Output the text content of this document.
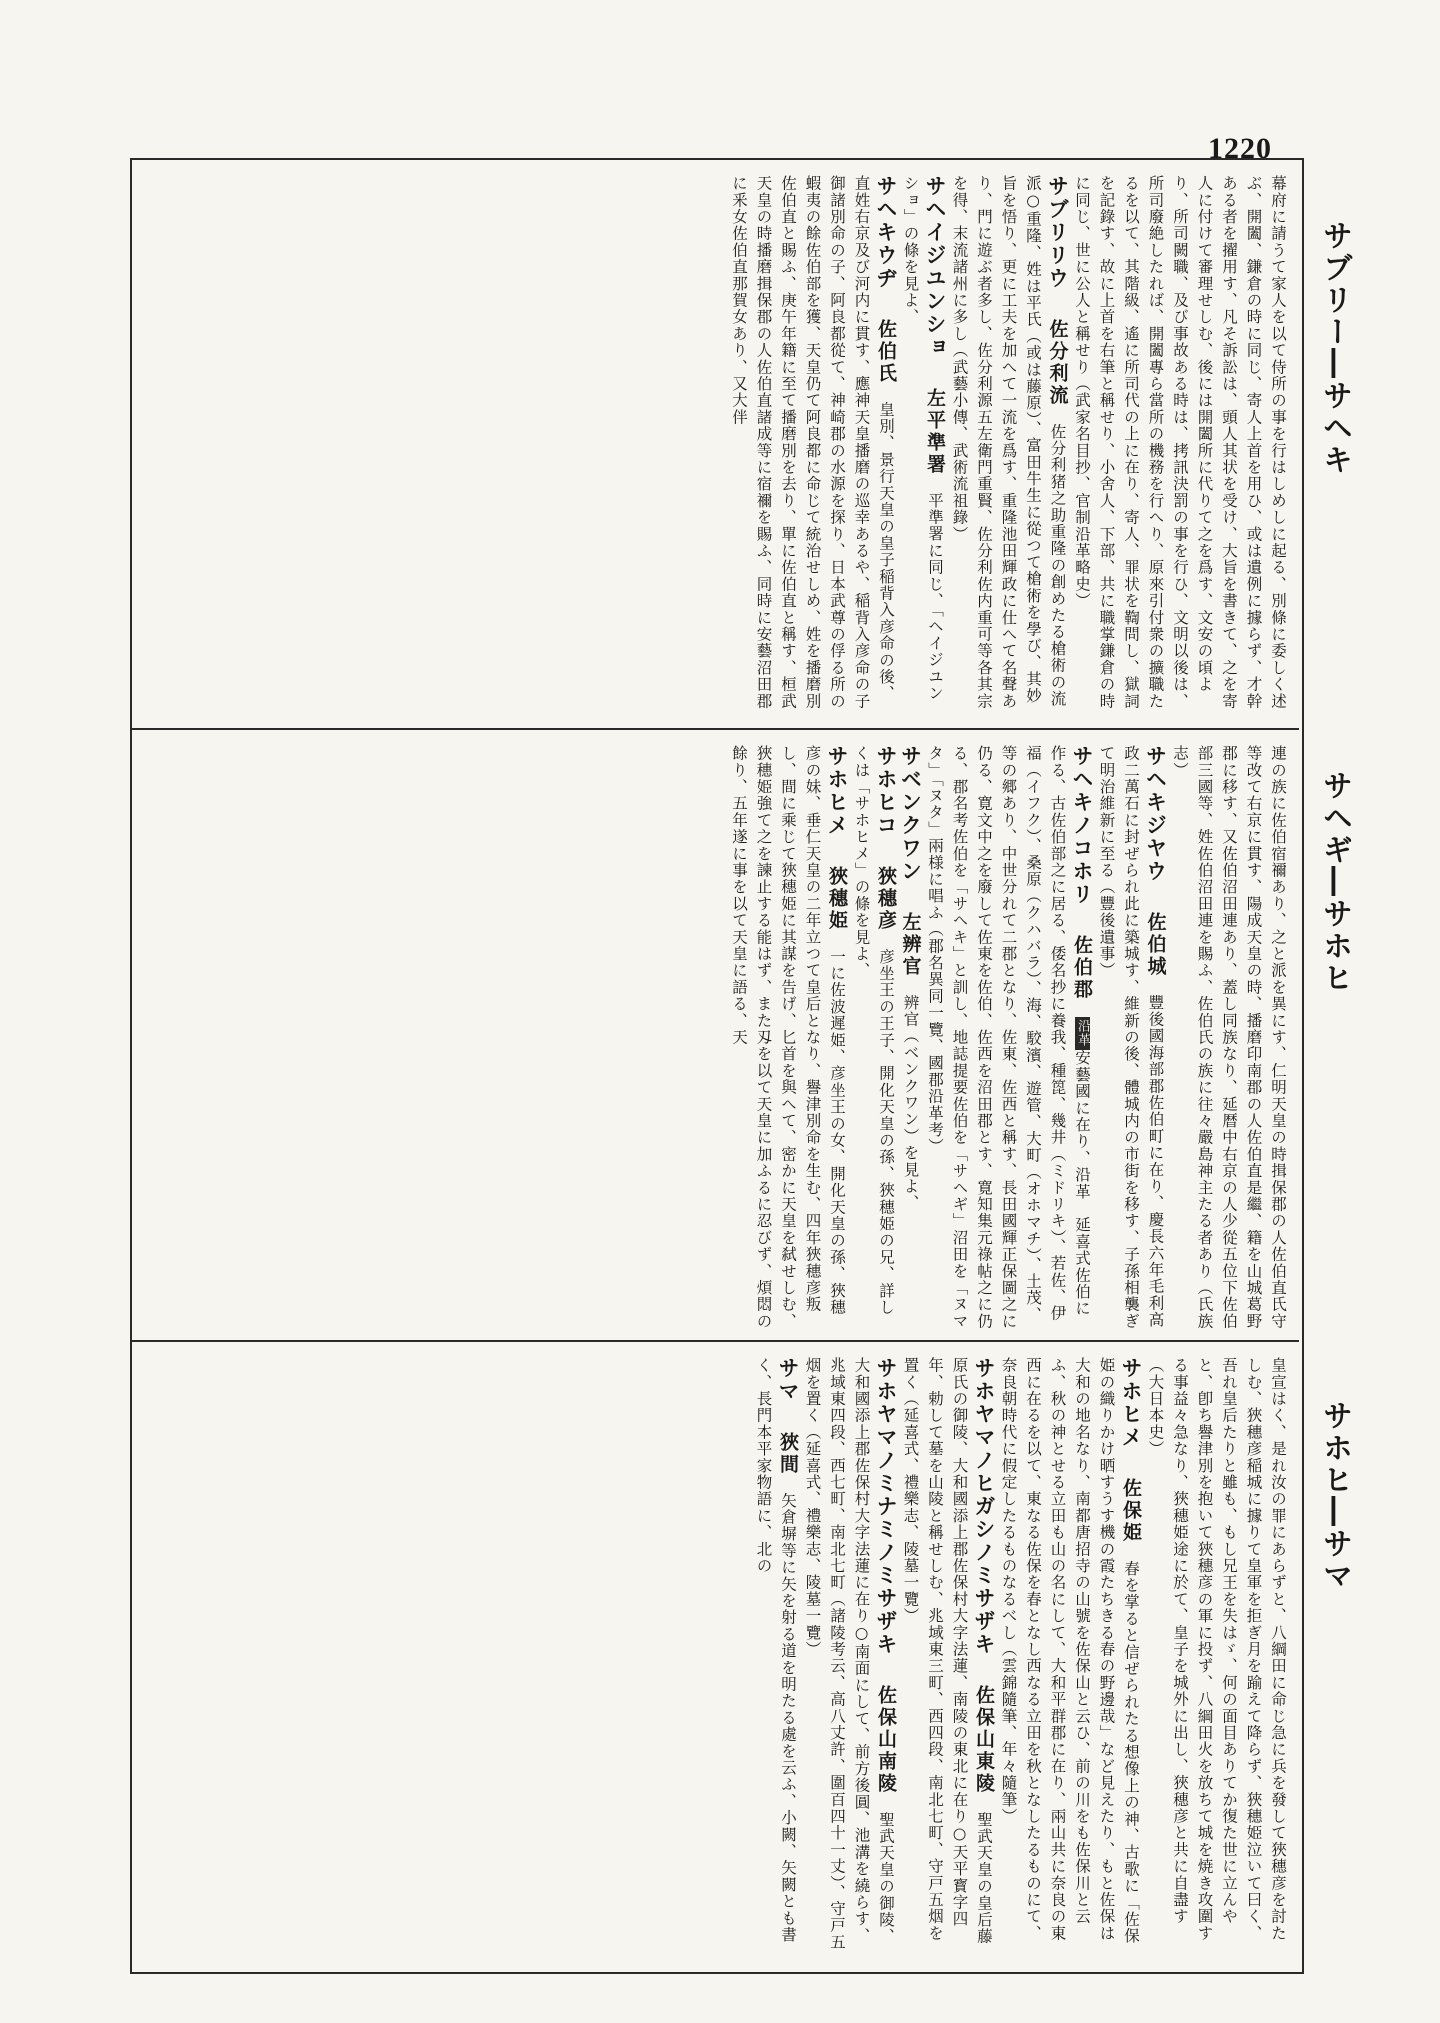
1220
サブリー―サヘキ
サヘギ―サホヒ
サホヒ―サマ
幕府に請うて家人を以て侍所の事を行はしめしに起る、別條に委しく述ぶ、開闔、鎌倉の時に同じ、寄人上首を用ひ、或は遺例に據らず、才幹ある者を擢用す、凡そ訴訟は、頭人其状を受け、大旨を書きて、之を寄人に付けて審理せしむ、後には開闔所に代りて之を爲す、文安の頃より、所司闕職、及び事故ある時は、拷訊決罰の事を行ひ、文明以後は、所司廢絶したれば、開闔專ら當所の機務を行へり、原來引付衆の擴職たるを以て、其階級、遙に所司代の上に在り、寄人、罪状を鞫問し、獄詞を記錄す、故に上首を右筆と稱せり、小舍人、下部、共に職掌鎌倉の時に同じ、世に公人と稱せり（武家名目抄、官制沿革略史）
サブリリウ佐分利流　佐分利猪之助重隆の創めたる槍術の流派○重隆、姓は平氏（或は藤原）、富田牛生に從つて槍術を學び、其妙旨を悟り、更に工夫を加へて一流を爲す、重隆池田輝政に仕へて名聲あり、門に遊ぶ者多し、佐分利源五左衛門重賢、佐分利佐内重可等各其宗を得、末流諸州に多し（武藝小傳、武術流祖錄）
サヘイジユンショ左平準署　平準署に同じ、「ヘイジユンショ」の條を見よ、
サヘキウヂ佐伯氏　皇別、景行天皇の皇子稲背入彦命の後、直姓右京及び河内に貫す、應神天皇播磨の巡幸あるや、稲背入彦命の子御諸別命の子、阿良都從て、神崎郡の水源を探り、日本武尊の俘る所の蝦夷の餘佐伯部を獲、天皇仍て阿良都に命じて統治せしめ、姓を播磨別佐伯直と賜ふ、庚午年籍に至て播磨別を去り、單に佐伯直と稱す、桓武天皇の時播磨揖保郡の人佐伯直諸成等に宿禰を賜ふ、同時に安藝沼田郡に釆女佐伯直那賀女あり、又大伴
連の族に佐伯宿禰あり、之と派を異にす、仁明天皇の時揖保郡の人佐伯直氏守等改て右京に貫す、陽成天皇の時、播磨印南郡の人佐伯直是繼、籍を山城葛野郡に移す、又佐伯沼田連あり、蓋し同族なり、延暦中右京の人少從五位下佐伯部三國等、姓佐伯沼田連を賜ふ、佐伯氏の族に往々嚴島神主たる者あり（氏族志）
サヘキジヤウ佐伯城　豐後國海部郡佐伯町に在り、慶長六年毛利高政二萬石に封ぜられ此に築城す、維新の後、體城内の市街を移す、子孫相襲ぎて明治維新に至る（豐後遺事）
サヘキノコホリ佐伯郡　沿革安藝國に在り、沿革　延喜式佐伯に作る、古佐伯部之に居る、倭名抄に養我、種箆、幾井（ミドリキ）、若佐、伊福（イフク）、桑原（クハバラ）、海、駮濱、遊管、大町（オホマチ）、土茂、等の郷あり、中世分れて二郡となり、佐東、佐西と稱す、長田國輝正保圖之に仍る、寛文中之を廢して佐東を佐伯、佐西を沼田郡とす、寛知集元祿帖之に仍る、郡名考佐伯を「サヘキ」と訓し、地誌提要佐伯を「サヘギ」沼田を「ヌマタ」「ヌタ」兩様に唱ふ（郡名異同一覽、國郡沿革考）
サベンクワン左辨官　辨官（ベンクワン）を見よ、
サホヒコ狹穗彦　彦坐王の王子、開化天皇の孫、狹穗姫の兄、詳しくは「サホヒメ」の條を見よ、
サホヒメ狹穗姫　一に佐波遲姫、彦坐王の女、開化天皇の孫、狹穗彦の妹、垂仁天皇の二年立つて皇后となり、譽津別命を生む、四年狹穗彦叛し、間に乘じて狹穗姫に其謀を告げ、匕首を與へて、密かに天皇を弑せしむ、狹穗姫強て之を諫止する能はず、また刄を以て天皇に加ふるに忍びず、煩悶の餘り、五年遂に事を以て天皇に語る、天
皇宣はく、是れ汝の罪にあらずと、八綱田に命じ急に兵を發して狹穗彦を討たしむ、狹穗彦稲城に據りて皇軍を拒ぎ月を踰えて降らず、狹穗姫泣いて曰く、吾れ皇后たりと雖も、もし兄王を失はゞ、何の面目ありてか復た世に立んやと、卽ち譽津別を抱いて狹穗彦の軍に投ず、八綱田火を放ちて城を焼き攻圍する事益々急なり、狹穗姫途に於て、皇子を城外に出し、狹穗彦と共に自盡す（大日本史）
サホヒメ佐保姫　春を掌ると信ぜられたる想像上の神、古歌に「佐保姫の織りかけ晒すうす機の霞たちきる春の野邊哉」など見えたり、もと佐保は大和の地名なり、南都唐招寺の山號を佐保山と云ひ、前の川をも佐保川と云ふ、秋の神とせる立田も山の名にして、大和平群郡に在り、兩山共に奈良の東西に在るを以て、東なる佐保を春となし西なる立田を秋となしたるものにて、奈良朝時代に假定したるものなるべし（雲錦隨筆、年々隨筆）
サホヤマノヒガシノミサザキ佐保山東陵　聖武天皇の皇后藤原氏の御陵、大和國添上郡佐保村大字法蓮、南陵の東北に在り○天平寳字四年、勅して墓を山陵と稱せしむ、兆域東三町、西四段、南北七町、守戸五烟を置く（延喜式、禮樂志、陵墓一覽）
サホヤマノミナミノミサザキ佐保山南陵　聖武天皇の御陵、大和國添上郡佐保村大字法蓮に在り○南面にして、前方後圓、池溝を繞らす、兆域東四段、西七町、南北七町（諸陵考云、高八丈許、圍百四十一丈）、守戸五烟を置く（延喜式、禮樂志、陵墓一覽）
サマ狹間　矢倉塀等に矢を射る道を明たる處を云ふ、小闕、矢闕とも書く、長門本平家物語に、北の
